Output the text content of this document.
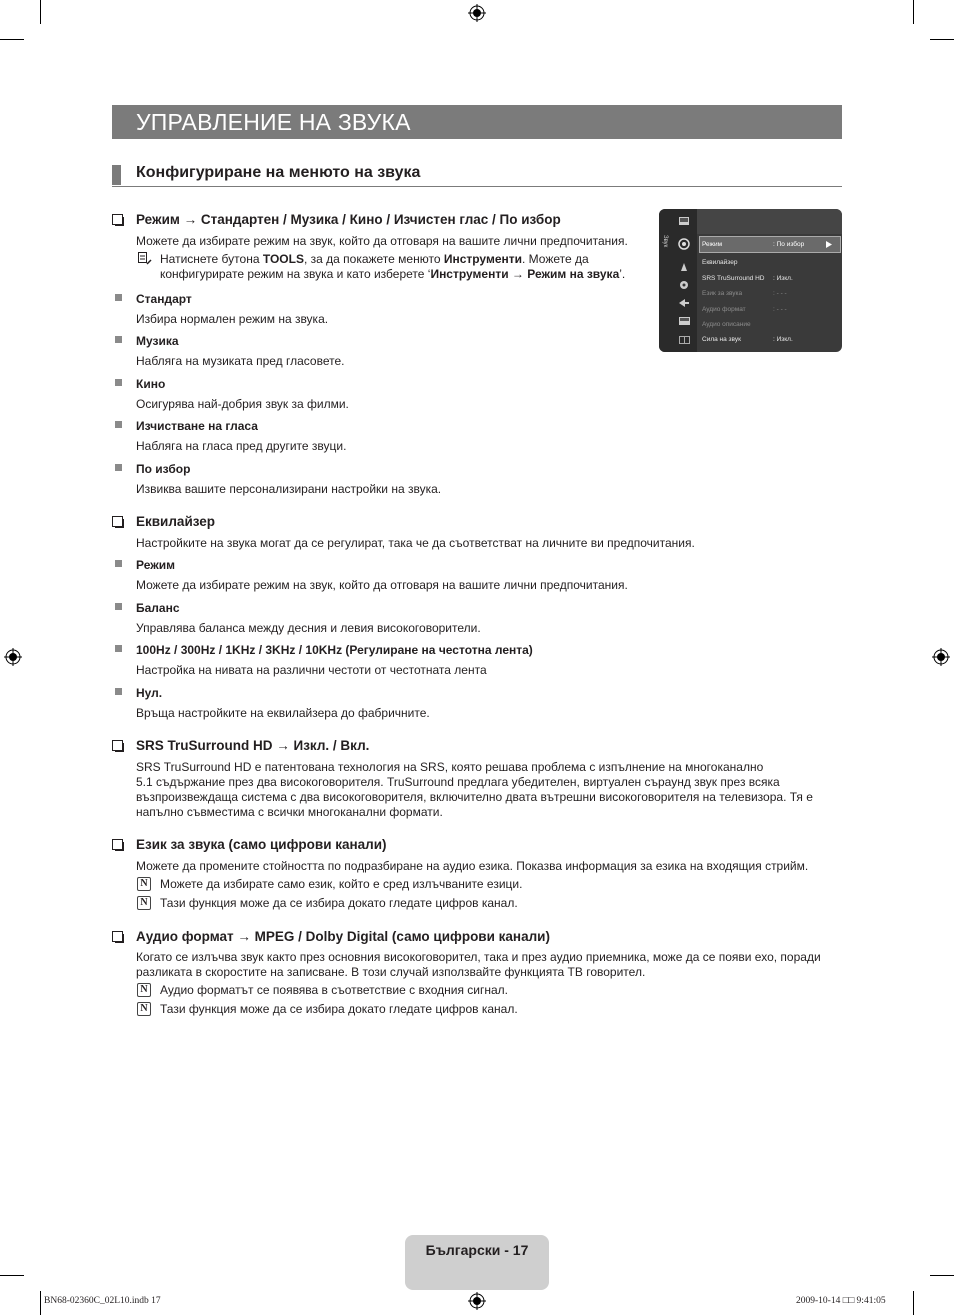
УПРАВЛЕНИЕ НА ЗВУКА
Конфигуриране на менюто на звука
Режим → Стандартен / Музика / Кино / Изчистен глас / По избор
Можете да избирате режим на звук, който да отговаря на вашите лични предпочитания.
Натиснете бутона TOOLS, за да покажете менюто Инструменти. Можете да
конфигурирате режим на звука и като изберете ‘Инструменти → Режим на звука’.
Стандарт
Избира нормален режим на звука.
Музика
Наблягa на музиката пред гласовете.
Кино
Осигурява най-добрия звук за филми.
Изчистване на гласа
Наблягa на гласа пред другите звуци.
По избор
Извиква вашите персонализирани настройки на звука.
Звук	Режим	: По избор
Еквилайзер
SRS TruSurround HD : Изкл.
Език за звука	: - - -
Аудио формат	: - - -
Аудио описание
Сила на звук	: Изкл.
Еквилайзер
Настройките на звука могат да се регулират, така че да съответстват на личните ви предпочитания.
Режим
Можете да избирате режим на звук, който да отговаря на вашите лични предпочитания.
Баланс
Управлява баланса между десния и левия високоговорители.
100Hz / 300Hz / 1KHz / 3KHz / 10KHz (Регулиране на честотна лента)
Настройка на нивата на различни честоти от честотната лента
Нул.
Връща настройките на еквилайзера до фабричните.
SRS TruSurround HD → Изкл. / Вкл.
SRS TruSurround HD е патентована технология на SRS, която решава проблема с изпълнение на многоканално
5.1 съдържание през два високоговорителя. TruSurround предлага убедителен, виртуален съраунд звук през всяка
възпроизвеждаща система с два високоговорителя, включително двата вътрешни високоговорителя на телевизора. Тя е
напълно съвместима с всички многоканални формати.
Език за звука (само цифрови канали)
Можете да промените стойността по подразбиране на аудио езика. Показва информация за езика на входящия стрийм.
N Можете да избирате само език, който е сред излъчваните езици.
N Тази функция може да се избира докато гледате цифров канал.
Аудио формат → MPEG / Dolby Digital (само цифрови канали)
Когато се излъчва звук както през основния високоговорител, така и през аудио приемника, може да се появи ехо, поради
разликата в скоростите на записване. В този случай използвайте функцията ТВ говорител.
N Аудио форматът се появява в съответствие с входния сигнал.
N Тази функция може да се избира докато гледате цифров канал.
Български - 17
BN68-02360C_02L10.indb 17	2009-10-14 □□ 9:41:05
